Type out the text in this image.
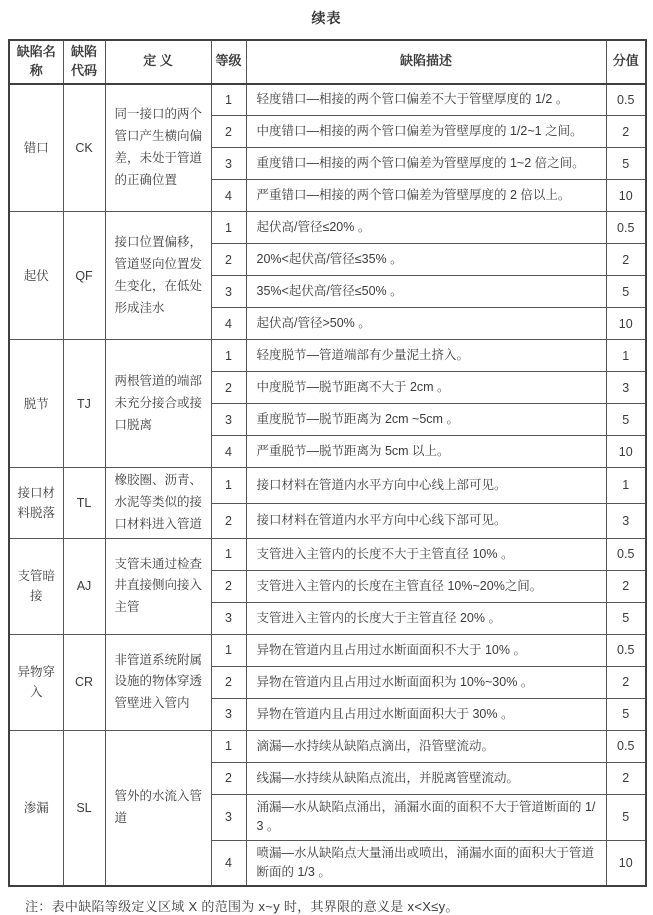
续表
缺陷名称	缺陷代码	定 义	等级	缺陷描述	分值
错口	CK	同一接口的两个管口产生横向偏差，未处于管道的正确位置	1	轻度错口—相接的两个管口偏差不大于管壁厚度的 1/2 。	0.5
			2	中度错口—相接的两个管口偏差为管壁厚度的 1/2~1 之间。	2
			3	重度错口—相接的两个管口偏差为管壁厚度的 1~2 倍之间。	5
			4	严重错口—相接的两个管口偏差为管壁厚度的 2 倍以上。	10
起伏	QF	接口位置偏移，管道竖向位置发生变化，在低处形成洼水	1	起伏高/管径≤20% 。	0.5
			2	20%<起伏高/管径≤35% 。	2
			3	35%<起伏高/管径≤50% 。	5
			4	起伏高/管径>50% 。	10
脱节	TJ	两根管道的端部未充分接合或接口脱离	1	轻度脱节—管道端部有少量泥土挤入。	1
			2	中度脱节—脱节距离不大于 2cm 。	3
			3	重度脱节—脱节距离为 2cm ~5cm 。	5
			4	严重脱节—脱节距离为 5cm 以上。	10
接口材料脱落	TL	橡胶圈、沥青、水泥等类似的接口材料进入管道	1	接口材料在管道内水平方向中心线上部可见。	1
			2	接口材料在管道内水平方向中心线下部可见。	3
支管暗接	AJ	支管未通过检查井直接侧向接入主管	1	支管进入主管内的长度不大于主管直径 10% 。	0.5
			2	支管进入主管内的长度在主管直径 10%~20%之间。	2
			3	支管进入主管内的长度大于主管直径 20% 。	5
异物穿入	CR	非管道系统附属设施的物体穿透管壁进入管内	1	异物在管道内且占用过水断面面积不大于 10% 。	0.5
			2	异物在管道内且占用过水断面面积为 10%~30% 。	2
			3	异物在管道内且占用过水断面面积大于 30% 。	5
渗漏	SL	管外的水流入管道	1	滴漏—水持续从缺陷点滴出，沿管壁流动。	0.5
			2	线漏—水持续从缺陷点流出，并脱离管壁流动。	2
			3	涌漏—水从缺陷点涌出，涌漏水面的面积不大于管道断面的 1/3 。	5
			4	喷漏—水从缺陷点大量涌出或喷出，涌漏水面的面积大于管道断面的 1/3 。	10
注：表中缺陷等级定义区域 X 的范围为 x~y 时，其界限的意义是 x<X≤y。
